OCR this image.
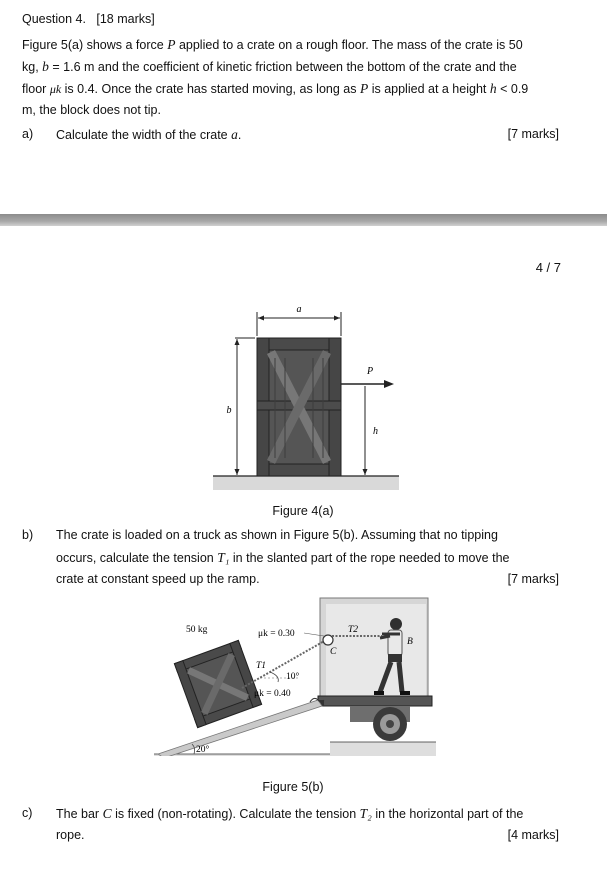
Question 4. [18 marks]
Figure 5(a) shows a force P applied to a crate on a rough floor. The mass of the crate is 50
kg, b = 1.6 m and the coefficient of kinetic friction between the bottom of the crate and the
floor μk is 0.4. Once the crate has started moving, as long as P is applied at a height h < 0.9
m, the block does not tip.
a) Calculate the width of the crate a.	[7 marks]
4 / 7
a
b
P
h
Figure 4(a)
b) The crate is loaded on a truck as shown in Figure 5(b). Assuming that no tipping
occurs, calculate the tension T₁ in the slanted part of the rope needed to move the
crate at constant speed up the ramp.	[7 marks]
50 kg	μk = 0.30
T1
T2
C
B
10°
μk = 0.40
20°
Figure 5(b)
c) The bar C is fixed (non-rotating). Calculate the tension T₂ in the horizontal part of the
rope.	[4 marks]
